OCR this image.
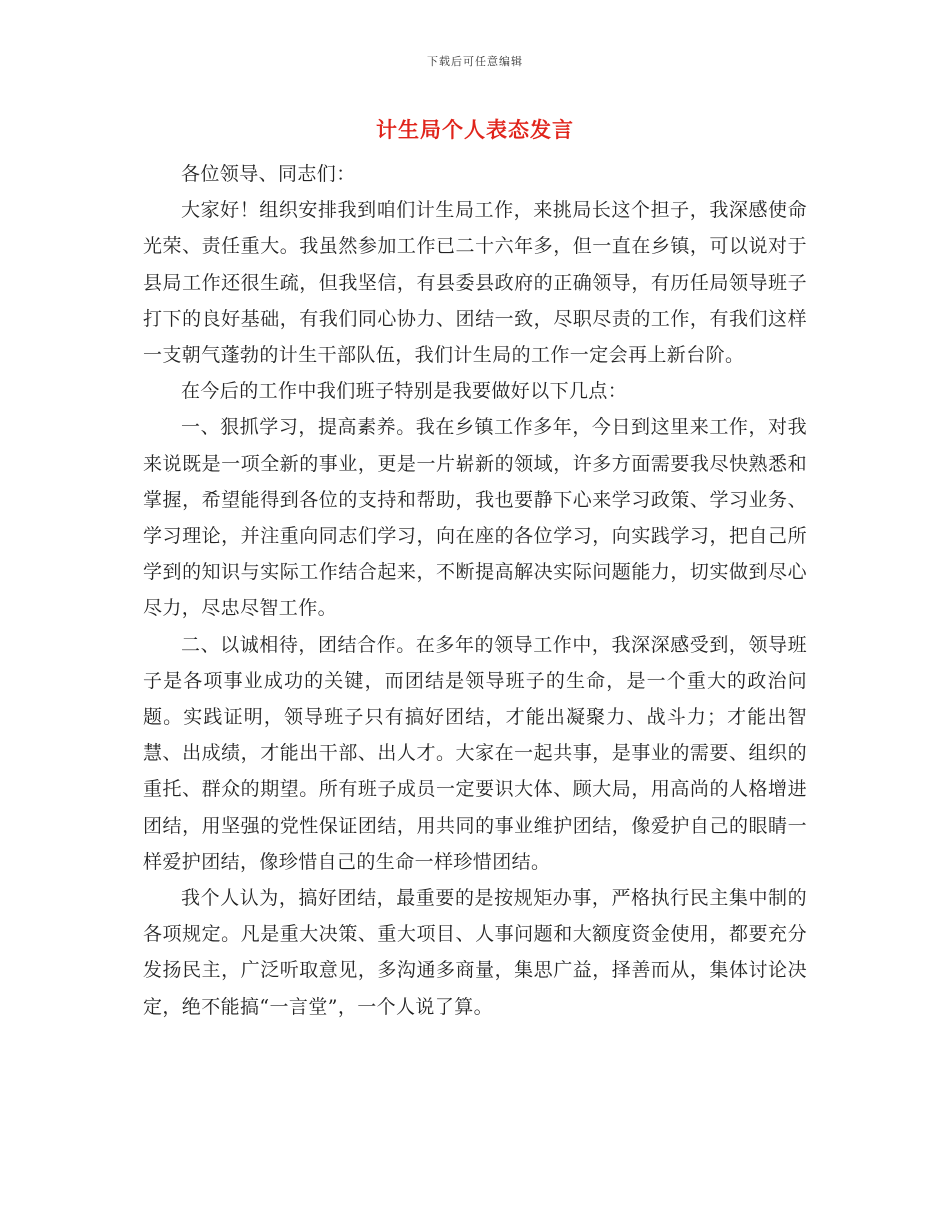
下载后可任意编辑
计生局个人表态发言

各位领导、同志们：

大家好！组织安排我到咱们计生局工作，来挑局长这个担子，我深感使命光荣、责任重大。我虽然参加工作已二十六年多，但一直在乡镇，可以说对于县局工作还很生疏，但我坚信，有县委县政府的正确领导，有历任局领导班子打下的良好基础，有我们同心协力、团结一致，尽职尽责的工作，有我们这样一支朝气蓬勃的计生干部队伍，我们计生局的工作一定会再上新台阶。

在今后的工作中我们班子特别是我要做好以下几点：

一、狠抓学习，提高素养。我在乡镇工作多年，今日到这里来工作，对我来说既是一项全新的事业，更是一片崭新的领域，许多方面需要我尽快熟悉和掌握，希望能得到各位的支持和帮助，我也要静下心来学习政策、学习业务、学习理论，并注重向同志们学习，向在座的各位学习，向实践学习，把自己所学到的知识与实际工作结合起来，不断提高解决实际问题能力，切实做到尽心尽力，尽忠尽智工作。

二、以诚相待，团结合作。在多年的领导工作中，我深深感受到，领导班子是各项事业成功的关键，而团结是领导班子的生命，是一个重大的政治问题。实践证明，领导班子只有搞好团结，才能出凝聚力、战斗力；才能出智慧、出成绩，才能出干部、出人才。大家在一起共事，是事业的需要、组织的重托、群众的期望。所有班子成员一定要识大体、顾大局，用高尚的人格增进团结，用坚强的党性保证团结，用共同的事业维护团结，像爱护自己的眼睛一样爱护团结，像珍惜自己的生命一样珍惜团结。

我个人认为，搞好团结，最重要的是按规矩办事，严格执行民主集中制的各项规定。凡是重大决策、重大项目、人事问题和大额度资金使用，都要充分发扬民主，广泛听取意见，多沟通多商量，集思广益，择善而从，集体讨论决定，绝不能搞“一言堂”，一个人说了算。
